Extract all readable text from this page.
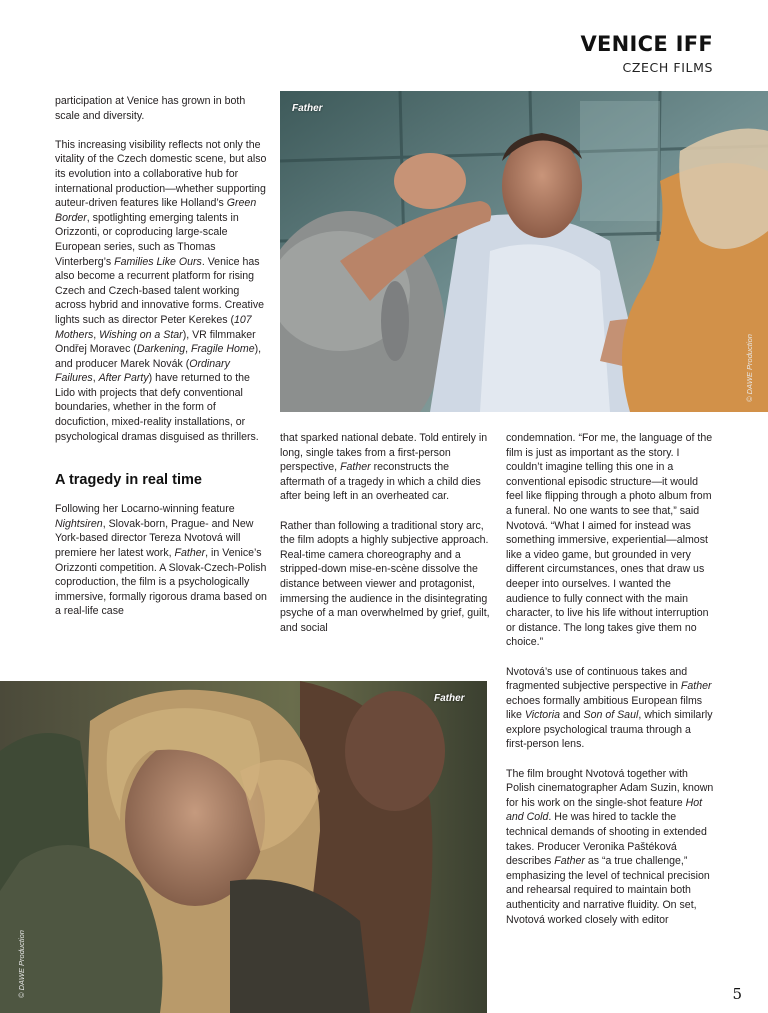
VENICE IFF
CZECH FILMS
Father
© DAWE Production
Father
© DAWE Production

participation at Venice has grown in both scale and diversity.

This increasing visibility reflects not only the vitality of the Czech domestic scene, but also its evolution into a collaborative hub for international production—whether supporting auteur-driven features like Holland’s Green Border, spotlighting emerging talents in Orizzonti, or coproducing large-scale European series, such as Thomas Vinterberg’s Families Like Ours. Venice has also become a recurrent platform for rising Czech and Czech-based talent working across hybrid and innovative forms. Creative lights such as director Peter Kerekes (107 Mothers, Wishing on a Star), VR filmmaker Ondřej Moravec (Darkening, Fragile Home), and producer Marek Novák (Ordinary Failures, After Party) have returned to the Lido with projects that defy conventional boundaries, whether in the form of docufiction, mixed-reality installations, or psychological dramas disguised as thrillers.

A tragedy in real time

Following her Locarno-winning feature Nightsiren, Slovak-born, Prague- and New York-based director Tereza Nvotová will premiere her latest work, Father, in Venice’s Orizzonti competition. A Slovak-Czech-Polish coproduction, the film is a psychologically immersive, formally rigorous drama based on a real-life case

that sparked national debate. Told entirely in long, single takes from a first-person perspective, Father reconstructs the aftermath of a tragedy in which a child dies after being left in an overheated car.

Rather than following a traditional story arc, the film adopts a highly subjective approach. Real-time camera choreography and a stripped-down mise-en-scène dissolve the distance between viewer and protagonist, immersing the audience in the disintegrating psyche of a man overwhelmed by grief, guilt, and social

condemnation. “For me, the language of the film is just as important as the story. I couldn’t imagine telling this one in a conventional episodic structure—it would feel like flipping through a photo album from a funeral. No one wants to see that,” said Nvotová. “What I aimed for instead was something immersive, experiential—almost like a video game, but grounded in very different circumstances, ones that draw us deeper into ourselves. I wanted the audience to fully connect with the main character, to live his life without interruption or distance. The long takes give them no choice.”

Nvotová’s use of continuous takes and fragmented subjective perspective in Father echoes formally ambitious European films like Victoria and Son of Saul, which similarly explore psychological trauma through a first-person lens.

The film brought Nvotová together with Polish cinematographer Adam Suzin, known for his work on the single-shot feature Hot and Cold. He was hired to tackle the technical demands of shooting in extended takes. Producer Veronika Paštéková describes Father as “a true challenge,” emphasizing the level of technical precision and rehearsal required to maintain both authenticity and narrative fluidity. On set, Nvotová worked closely with editor

5
